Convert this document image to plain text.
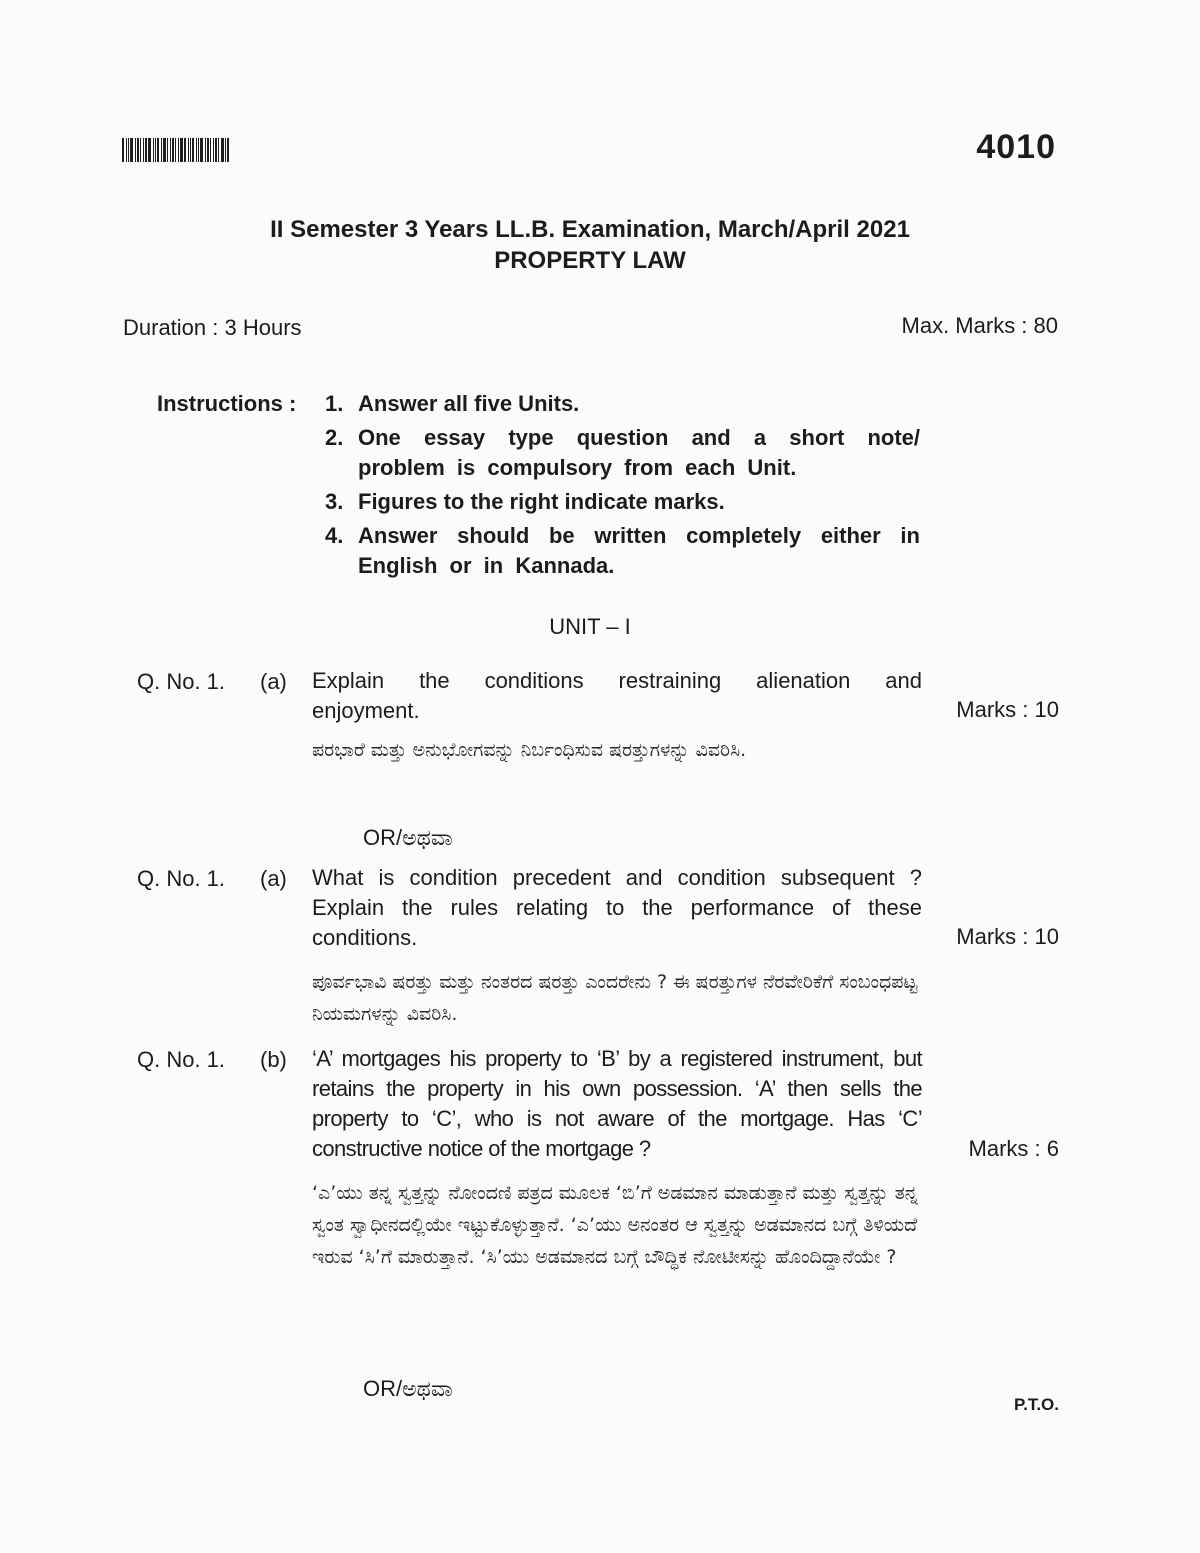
4010
II Semester 3 Years LL.B. Examination, March/April 2021
PROPERTY LAW
Duration : 3 Hours	Max. Marks : 80
Instructions : 1. Answer all five Units.
2. One essay type question and a short note/ problem is compulsory from each Unit.
3. Figures to the right indicate marks.
4. Answer should be written completely either in English or in Kannada.
UNIT – I
Q. No. 1. (a) Explain the conditions restraining alienation and enjoyment.	Marks : 10
ಪರಭಾರೆ ಮತ್ತು ಅನುಭೋಗವನ್ನು ನಿರ್ಬಂಧಿಸುವ ಷರತ್ತುಗಳನ್ನು ವಿವರಿಸಿ.
OR/ಅಥವಾ
Q. No. 1. (a) What is condition precedent and condition subsequent ? Explain the rules relating to the performance of these conditions.	Marks : 10
ಪೂರ್ವಭಾವಿ ಷರತ್ತು ಮತ್ತು ನಂತರದ ಷರತ್ತು ಎಂದರೇನು ? ಈ ಷರತ್ತುಗಳ ನೆರವೇರಿಕೆಗೆ ಸಂಬಂಧಪಟ್ಟ ನಿಯಮಗಳನ್ನು ವಿವರಿಸಿ.
Q. No. 1. (b) ‘A’ mortgages his property to ‘B’ by a registered instrument, but retains the property in his own possession. ‘A’ then sells the property to ‘C’, who is not aware of the mortgage. Has ‘C’ constructive notice of the mortgage ?	Marks : 6
‘ಎ’ಯು ತನ್ನ ಸ್ವತ್ತನ್ನು ನೋಂದಣಿ ಪತ್ರದ ಮೂಲಕ ‘ಬಿ’ಗೆ ಅಡಮಾನ ಮಾಡುತ್ತಾನೆ ಮತ್ತು ಸ್ವತ್ತನ್ನು ತನ್ನ ಸ್ವಂತ ಸ್ವಾಧೀನದಲ್ಲಿಯೇ ಇಟ್ಟುಕೊಳ್ಳುತ್ತಾನೆ. ‘ಎ’ಯು ಅನಂತರ ಆ ಸ್ವತ್ತನ್ನು ಅಡಮಾನದ ಬಗ್ಗೆ ತಿಳಿಯದೆ ಇರುವ ‘ಸಿ’ಗೆ ಮಾರುತ್ತಾನೆ. ‘ಸಿ’ಯು ಅಡಮಾನದ ಬಗ್ಗೆ ಬೌದ್ಧಿಕ ನೋಟೀಸನ್ನು ಹೊಂದಿದ್ದಾನೆಯೇ ?
OR/ಅಥವಾ
P.T.O.
